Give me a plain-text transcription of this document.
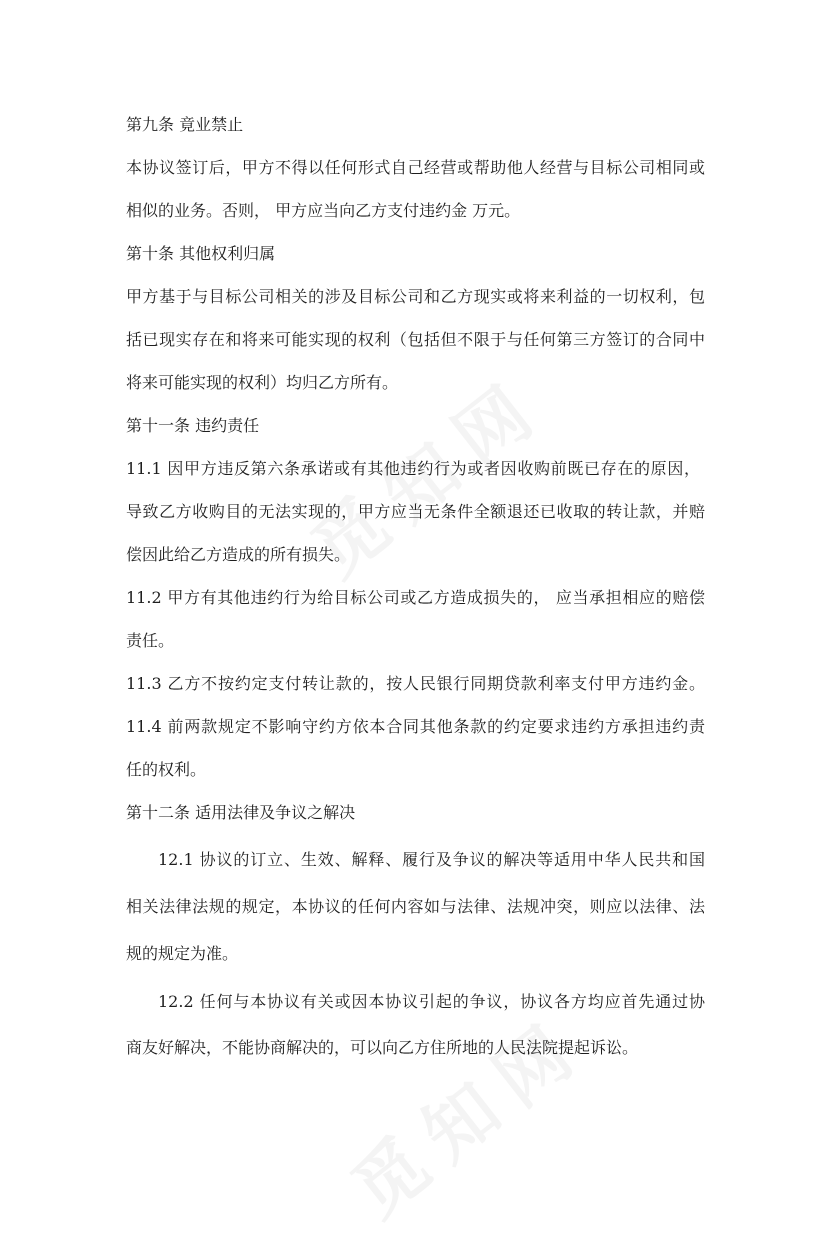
第九条 竟业禁止
本协议签订后，甲方不得以任何形式自己经营或帮助他人经营与目标公司相同或
相似的业务。否则， 甲方应当向乙方支付违约金 万元。
第十条 其他权利归属
甲方基于与目标公司相关的涉及目标公司和乙方现实或将来利益的一切权利，包
括已现实存在和将来可能实现的权利（包括但不限于与任何第三方签订的合同中
将来可能实现的权利）均归乙方所有。
第十一条 违约责任
11.1 因甲方违反第六条承诺或有其他违约行为或者因收购前既已存在的原因，
导致乙方收购目的无法实现的，甲方应当无条件全额退还已收取的转让款，并赔
偿因此给乙方造成的所有损失。
11.2 甲方有其他违约行为给目标公司或乙方造成损失的， 应当承担相应的赔偿
责任。
11.3 乙方不按约定支付转让款的，按人民银行同期贷款利率支付甲方违约金。
11.4 前两款规定不影响守约方依本合同其他条款的约定要求违约方承担违约责
任的权利。
第十二条 适用法律及争议之解决
12.1 协议的订立、生效、解释、履行及争议的解决等适用中华人民共和国
相关法律法规的规定，本协议的任何内容如与法律、法规冲突，则应以法律、法
规的规定为准。
12.2 任何与本协议有关或因本协议引起的争议，协议各方均应首先通过协
商友好解决，不能协商解决的，可以向乙方住所地的人民法院提起诉讼。
